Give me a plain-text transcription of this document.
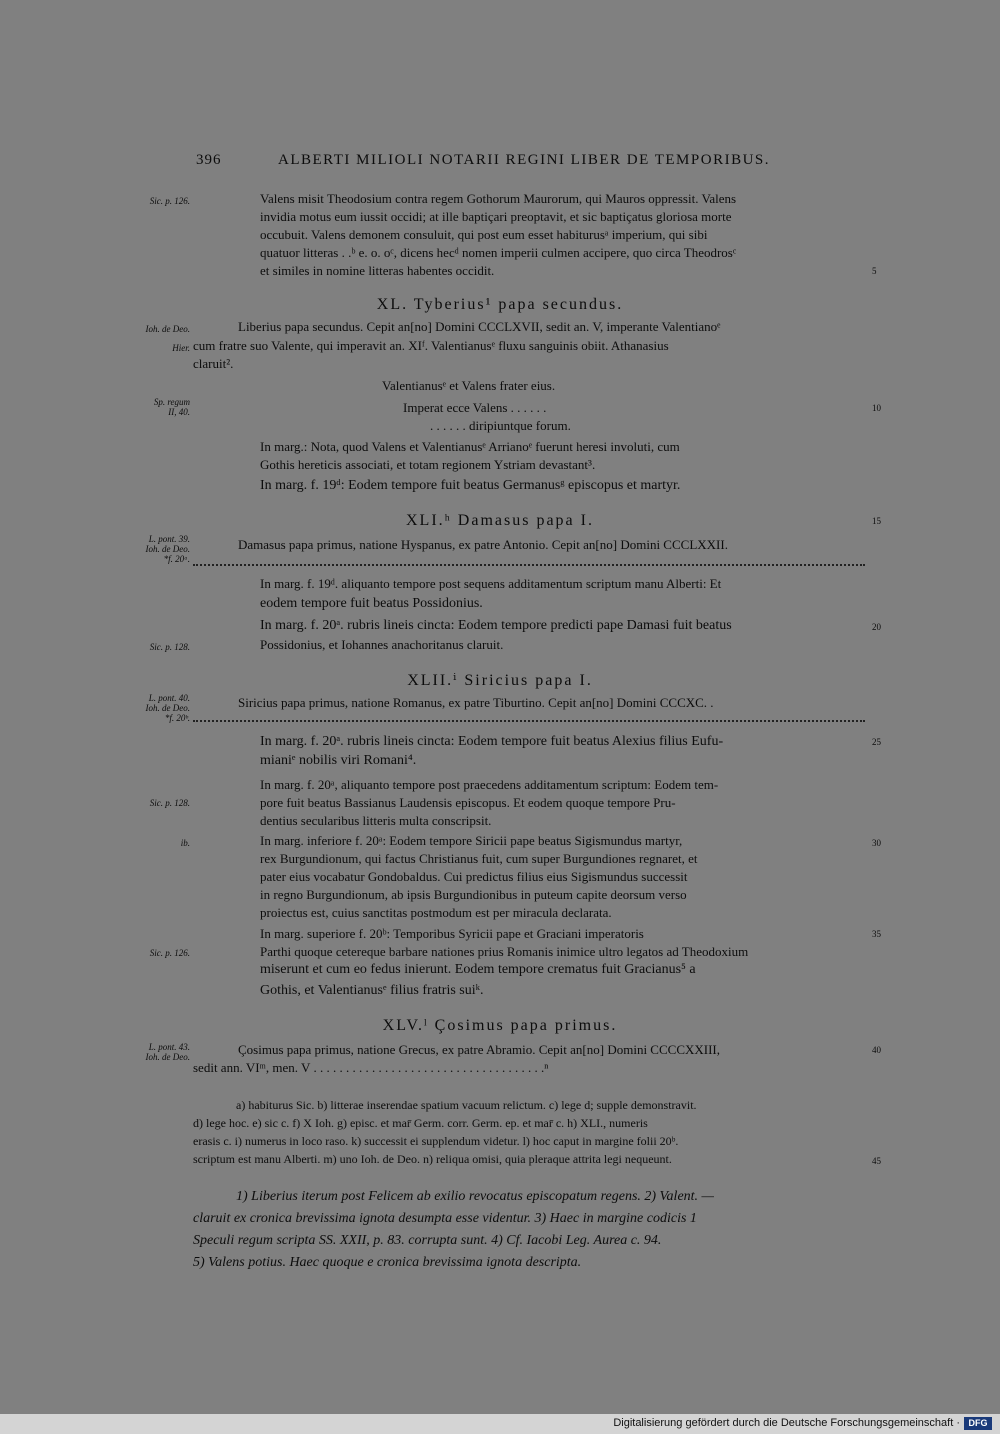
396	ALBERTI MILIOLI NOTARII REGINI LIBER DE TEMPORIBUS.
Valens misit Theodosium contra regem Gothorum Maurorum, qui Mauros oppressit. Valens
invidia motus eum iussit occidi; at ille baptiçari preoptavit, et sic baptiçatus gloriosa morte
occubuit. Valens demonem consuluit, qui post eum esset habiturusᵃ imperium, qui sibi
quatuor litteras . .ᵇ e. o. oᶜ, dicens hecᵈ nomen imperii culmen accipere, quo circa Theodrosᶜ
et similes in nomine litteras habentes occidit.
XL. Tyberius¹ papa secundus.
Liberius papa secundus. Cepit an[no] Domini CCCLXVII, sedit an. V, imperante Valentianoᵉ
cum fratre suo Valente, qui imperavit an. XIᶠ. Valentianusᵉ fluxu sanguinis obiit. Athanasius
claruit².
Valentianusᵉ et Valens frater eius.
Imperat ecce Valens . . . . . .
. . . . . . diripiuntque forum.
In marg.: Nota, quod Valens et Valentianusᵉ Arrianoᵉ fuerunt heresi involuti, cum
Gothis hereticis associati, et totam regionem Ystriam devastant³.
In marg. f. 19ᵈ: Eodem tempore fuit beatus Germanusᵍ episcopus et martyr.
XLI.ʰ Damasus papa I.
Damasus papa primus, natione Hyspanus, ex patre Antonio. Cepit an[no] Domini CCCLXXII.
In marg. f. 19ᵈ. aliquanto tempore post sequens additamentum scriptum manu Alberti: Et
eodem tempore fuit beatus Possidonius.
In marg. f. 20ᵃ. rubris lineis cincta: Eodem tempore predicti pape Damasi fuit beatus
Possidonius, et Iohannes anachoritanus claruit.
XLII.ⁱ Siricius papa I.
Siricius papa primus, natione Romanus, ex patre Tiburtino. Cepit an[no] Domini CCCXC. .
In marg. f. 20ᵃ. rubris lineis cincta: Eodem tempore fuit beatus Alexius filius Eufu-
mianiᵉ nobilis viri Romani⁴.
In marg. f. 20ᵃ, aliquanto tempore post praecedens additamentum scriptum: Eodem tem-
pore fuit beatus Bassianus Laudensis episcopus. Et eodem quoque tempore Pru-
dentius secularibus litteris multa conscripsit.
In marg. inferiore f. 20ᵃ: Eodem tempore Siricii pape beatus Sigismundus martyr,
rex Burgundionum, qui factus Christianus fuit, cum super Burgundiones regnaret, et
pater eius vocabatur Gondobaldus. Cui predictus filius eius Sigismundus successit
in regno Burgundionum, ab ipsis Burgundionibus in puteum capite deorsum verso
proiectus est, cuius sanctitas postmodum est per miracula declarata.
In marg. superiore f. 20ᵇ: Temporibus Syricii pape et Graciani imperatoris
Parthi quoque cetereque barbare nationes prius Romanis inimice ultro legatos ad Theodoxium
miserunt et cum eo fedus inierunt. Eodem tempore crematus fuit Gracianus⁵ a
Gothis, et Valentianusᵉ filius fratris suiᵏ.
XLV.ˡ Çosimus papa primus.
Çosimus papa primus, natione Grecus, ex patre Abramio. Cepit an[no] Domini CCCCXXIII,
sedit ann. VIᵐ, men. V . . . . . . . . . . . . . . . . . . . . . . . . . . . . . . . . . . . .ⁿ
Sic. p. 126.
Ioh. de Deo.
Hier.
Sp. regum
II, 40.
L. pont. 39.
Ioh. de Deo.
*f. 20ᵃ.
Sic. p. 128.
L. pont. 40.
Ioh. de Deo.
*f. 20ᵇ.
Sic. p. 128.
ib.
Sic. p. 126.
L. pont. 43.
Ioh. de Deo.
5
10
15
20
25
30
35
40
45
a) habiturus Sic. b) litterae inserendae spatium vacuum relictum. c) lege d; supple demonstravit.
d) lege hoc. e) sic c. f) X Ioh. g) episc. et mar̄ Germ. corr. Germ. ep. et mar̄ c. h) XLI., numeris
erasis c. i) numerus in loco raso. k) successit ei supplendum videtur. l) hoc caput in margine folii 20ᵇ.
scriptum est manu Alberti. m) uno Ioh. de Deo. n) reliqua omisi, quia pleraque attrita legi nequeunt.
1) Liberius iterum post Felicem ab exilio revocatus episcopatum regens. 2) Valent. —
claruit ex cronica brevissima ignota desumpta esse videntur. 3) Haec in margine codicis 1
Speculi regum scripta SS. XXII, p. 83. corrupta sunt. 4) Cf. Iacobi Leg. Aurea c. 94.
5) Valens potius. Haec quoque e cronica brevissima ignota descripta.
Digitalisierung gefördert durch die Deutsche Forschungsgemeinschaft · DFG
